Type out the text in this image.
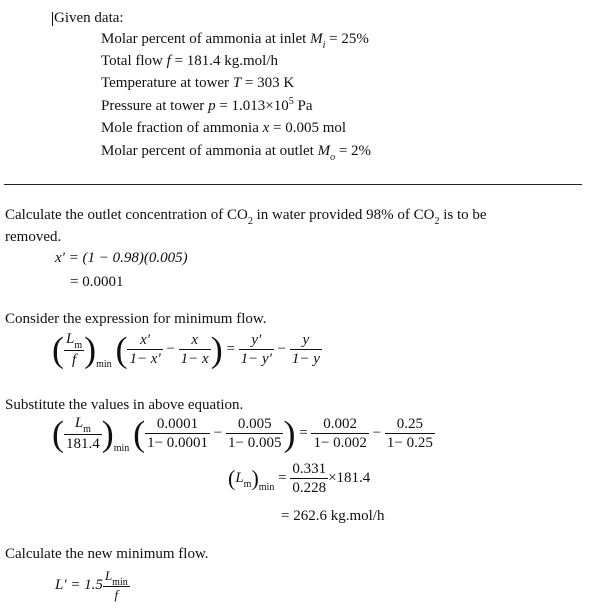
Given data:
Molar percent of ammonia at inlet $M_i = 25\%$
Total flow f = 181.4 kg.mol/h
Temperature at tower T = 303 K
Pressure at tower $p = 1.013\times 10^5$ Pa
Mole fraction of ammonia x = 0.005 mol
Molar percent of ammonia at outlet $M_o = 2\%$
Calculate the outlet concentration of $CO_2$ in water provided 98% of $CO_2$ is to be
removed.
x' = (1 − 0.98)(0.005)
= 0.0001
Consider the expression for minimum flow.
( $\frac{L_m}{f} )_{min}$ ( $\frac{x'}{1- x'} - \frac{x}{1- x}$ ) = $\frac{y'}{1- y'} - \frac{y}{1- y}$
Substitute the values in above equation.
( $\frac{L_m}{181.4} )_{min}$ ( $\frac{0.0001}{1- 0.0001} - \frac{0.005}{1- 0.005}$ ) = $\frac{0.002}{1- 0.002} - \frac{0.25}{1- 0.25}$
$(L_m)_{min} = \frac{0.331}{0.228} \times 181.4$
= 262.6 kg.mol/h
Calculate the new minimum flow.
$L' = 1.5 \frac{L_{min}}{f}$
